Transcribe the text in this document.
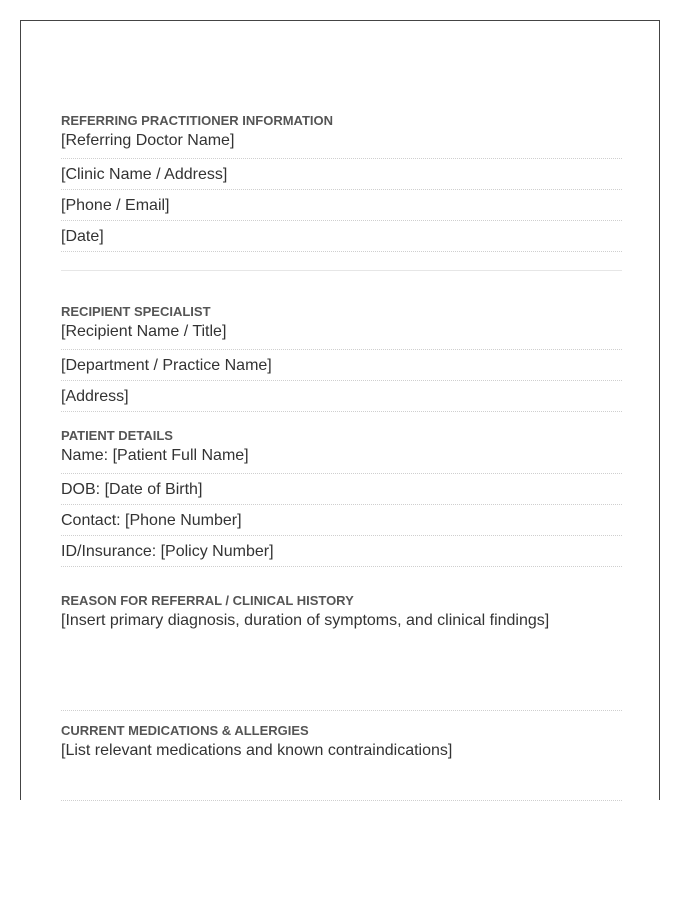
REFERRING PRACTITIONER INFORMATION
[Referring Doctor Name]
[Clinic Name / Address]
[Phone / Email]
[Date]
RECIPIENT SPECIALIST
[Recipient Name / Title]
[Department / Practice Name]
[Address]
PATIENT DETAILS
Name: [Patient Full Name]
DOB: [Date of Birth]
Contact: [Phone Number]
ID/Insurance: [Policy Number]
REASON FOR REFERRAL / CLINICAL HISTORY
[Insert primary diagnosis, duration of symptoms, and clinical findings]
CURRENT MEDICATIONS & ALLERGIES
[List relevant medications and known contraindications]
